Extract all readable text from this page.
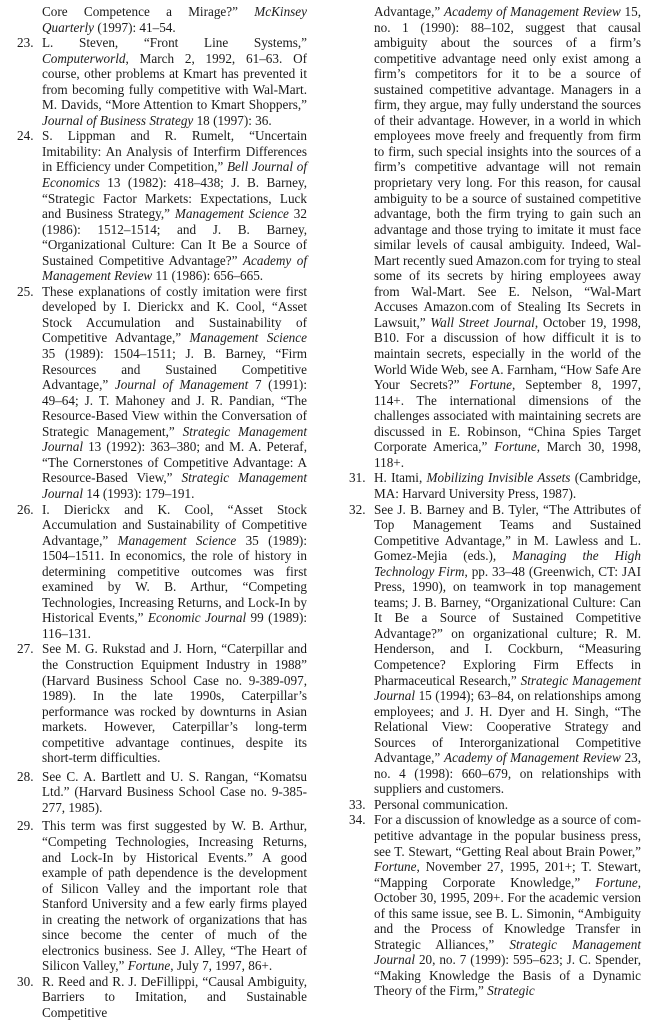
Core Competence a Mirage?” McKinsey Quarterly (1997): 41–54.
23. L. Steven, “Front Line Systems,” Computerworld, March 2, 1992, 61–63. Of course, other problems at Kmart has prevented it from becoming fully competitive with Wal-Mart. M. Davids, “More Attention to Kmart Shoppers,” Journal of Business Strategy 18 (1997): 36.
24. S. Lippman and R. Rumelt, “Uncertain Imitability: An Analysis of Interfirm Differences in Efficiency under Competition,” Bell Journal of Economics 13 (1982): 418–438; J. B. Barney, “Strategic Factor Markets: Expectations, Luck and Business Strategy,” Management Science 32 (1986): 1512–1514; and J. B. Barney, “Organizational Culture: Can It Be a Source of Sustained Competitive Advantage?” Academy of Management Review 11 (1986): 656–665.
25. These explanations of costly imitation were first developed by I. Dierickx and K. Cool, “Asset Stock Accumulation and Sustainability of Competitive Advantage,” Management Science 35 (1989): 1504–1511; J. B. Barney, “Firm Resources and Sustained Competitive Advantage,” Journal of Management 7 (1991): 49–64; J. T. Mahoney and J. R. Pandian, “The Resource-Based View within the Conversation of Strategic Management,” Strategic Management Journal 13 (1992): 363–380; and M. A. Peteraf, “The Cornerstones of Competitive Advantage: A Resource-Based View,” Strategic Management Journal 14 (1993): 179–191.
26. I. Dierickx and K. Cool, “Asset Stock Accumulation and Sustainability of Competitive Advantage,” Management Science 35 (1989): 1504–1511. In economics, the role of history in determining competitive outcomes was first examined by W. B. Arthur, “Competing Technologies, Increasing Returns, and Lock-In by Historical Events,” Economic Journal 99 (1989): 116–131.
27. See M. G. Rukstad and J. Horn, “Caterpillar and the Construction Equipment Industry in 1988” (Harvard Business School Case no. 9-389-097, 1989). In the late 1990s, Caterpillar’s performance was rocked by downturns in Asian markets. However, Caterpillar’s long-term competitive advantage continues, despite its short-term difficulties.
28. See C. A. Bartlett and U. S. Rangan, “Komatsu Ltd.” (Harvard Business School Case no. 9-385-277, 1985).
29. This term was first suggested by W. B. Arthur, “Competing Technologies, Increasing Returns, and Lock-In by Historical Events.” A good example of path dependence is the development of Silicon Valley and the important role that Stanford University and a few early firms played in creating the network of organizations that has since become the center of much of the electronics business. See J. Alley, “The Heart of Silicon Valley,” Fortune, July 7, 1997, 86+.
30. R. Reed and R. J. DeFillippi, “Causal Ambiguity, Barriers to Imitation, and Sustainable Competitive
Advantage,” Academy of Management Review 15, no. 1 (1990): 88–102, suggest that causal ambiguity about the sources of a firm’s competitive advantage need only exist among a firm’s competitors for it to be a source of sustained competitive advantage. Managers in a firm, they argue, may fully understand the sources of their advantage. However, in a world in which employees move freely and frequently from firm to firm, such special insights into the sources of a firm’s competitive advantage will not remain proprietary very long. For this reason, for causal ambiguity to be a source of sustained competitive advantage, both the firm trying to gain such an advantage and those trying to imitate it must face similar levels of causal ambiguity. Indeed, Wal-Mart recently sued Amazon.com for trying to steal some of its secrets by hiring employees away from Wal-Mart. See E. Nelson, “Wal-Mart Accuses Amazon.com of Stealing Its Secrets in Lawsuit,” Wall Street Journal, October 19, 1998, B10. For a discussion of how difficult it is to maintain secrets, especially in the world of the World Wide Web, see A. Farnham, “How Safe Are Your Secrets?” Fortune, September 8, 1997, 114+. The international dimensions of the challenges associated with maintaining secrets are discussed in E. Robinson, “China Spies Target Corporate America,” Fortune, March 30, 1998, 118+.
31. H. Itami, Mobilizing Invisible Assets (Cambridge, MA: Harvard University Press, 1987).
32. See J. B. Barney and B. Tyler, “The Attributes of Top Management Teams and Sustained Competitive Advantage,” in M. Lawless and L. Gomez-Mejia (eds.), Managing the High Technology Firm, pp. 33–48 (Greenwich, CT: JAI Press, 1990), on teamwork in top management teams; J. B. Barney, “Organizational Culture: Can It Be a Source of Sustained Competitive Advantage?” on organizational culture; R. M. Henderson, and I. Cockburn, “Measuring Competence? Exploring Firm Effects in Pharmaceutical Research,” Strategic Management Journal 15 (1994); 63–84, on relationships among employees; and J. H. Dyer and H. Singh, “The Relational View: Cooperative Strategy and Sources of Interorganizational Competitive Advantage,” Academy of Management Review 23, no. 4 (1998): 660–679, on relationships with suppliers and customers.
33. Personal communication.
34. For a discussion of knowledge as a source of competitive advantage in the popular business press, see T. Stewart, “Getting Real about Brain Power,” Fortune, November 27, 1995, 201+; T. Stewart, “Mapping Corporate Knowledge,” Fortune, October 30, 1995, 209+. For the academic version of this same issue, see B. L. Simonin, “Ambiguity and the Process of Knowledge Transfer in Strategic Alliances,” Strategic Management Journal 20, no. 7 (1999): 595–623; J. C. Spender, “Making Knowledge the Basis of a Dynamic Theory of the Firm,” Strategic
